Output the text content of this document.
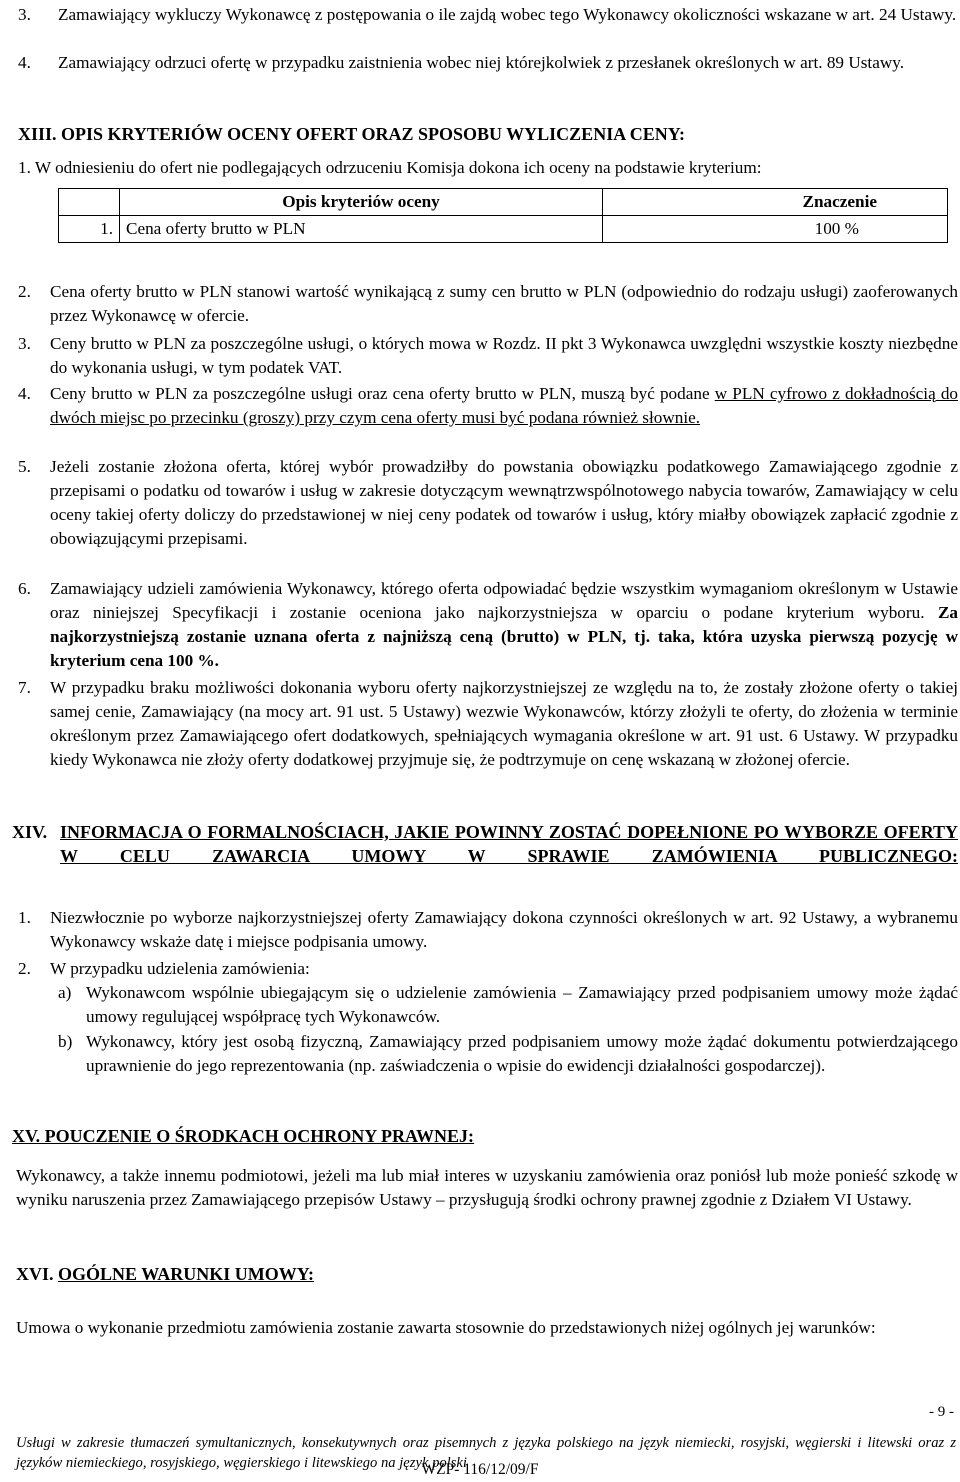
3. Zamawiający wykluczy Wykonawcę z postępowania o ile zajdą wobec tego Wykonawcy okoliczności wskazane w art. 24 Ustawy.

4. Zamawiający odrzuci ofertę w przypadku zaistnienia wobec niej którejkolwiek z przesłanek określonych w art. 89 Ustawy.

XIII. OPIS KRYTERIÓW OCENY OFERT ORAZ SPOSOBU WYLICZENIA CENY:

1. W odniesieniu do ofert nie podlegających odrzuceniu Komisja dokona ich oceny na podstawie kryterium:

	Opis kryteriów oceny	Znaczenie
1.	Cena oferty brutto w PLN	100 %
2. Cena oferty brutto w PLN stanowi wartość wynikającą z sumy cen brutto w PLN (odpowiednio do rodzaju usługi) zaoferowanych przez Wykonawcę w ofercie.

3. Ceny brutto w PLN za poszczególne usługi, o których mowa w Rozdz. II pkt 3 Wykonawca uwzględni wszystkie koszty niezbędne do wykonania usługi, w tym podatek VAT.

4. Ceny brutto w PLN za poszczególne usługi oraz cena oferty brutto w PLN, muszą być podane w PLN cyfrowo z dokładnością do dwóch miejsc po przecinku (groszy) przy czym cena oferty musi być podana również słownie.

5. Jeżeli zostanie złożona oferta, której wybór prowadziłby do powstania obowiązku podatkowego Zamawiającego zgodnie z przepisami o podatku od towarów i usług w zakresie dotyczącym wewnątrzwspólnotowego nabycia towarów, Zamawiający w celu oceny takiej oferty doliczy do przedstawionej w niej ceny podatek od towarów i usług, który miałby obowiązek zapłacić zgodnie z obowiązującymi przepisami.

6. Zamawiający udzieli zamówienia Wykonawcy, którego oferta odpowiadać będzie wszystkim wymaganiom określonym w Ustawie oraz niniejszej Specyfikacji i zostanie oceniona jako najkorzystniejsza w oparciu o podane kryterium wyboru. Za najkorzystniejszą zostanie uznana oferta z najniższą ceną (brutto) w PLN, tj. taka, która uzyska pierwszą pozycję w kryterium cena 100 %.

7. W przypadku braku możliwości dokonania wyboru oferty najkorzystniejszej ze względu na to, że zostały złożone oferty o takiej samej cenie, Zamawiający (na mocy art. 91 ust. 5 Ustawy) wezwie Wykonawców, którzy złożyli te oferty, do złożenia w terminie określonym przez Zamawiającego ofert dodatkowych, spełniających wymagania określone w art. 91 ust. 6 Ustawy. W przypadku kiedy Wykonawca nie złoży oferty dodatkowej przyjmuje się, że podtrzymuje on cenę wskazaną w złożonej ofercie.

XIV. INFORMACJA O FORMALNOŚCIACH, JAKIE POWINNY ZOSTAĆ DOPEŁNIONE PO WYBORZE OFERTY W CELU ZAWARCIA UMOWY W SPRAWIE ZAMÓWIENIA PUBLICZNEGO:

1. Niezwłocznie po wyborze najkorzystniejszej oferty Zamawiający dokona czynności określonych w art. 92 Ustawy, a wybranemu Wykonawcy wskaże datę i miejsce podpisania umowy.

2. W przypadku udzielenia zamówienia:

a) Wykonawcom wspólnie ubiegającym się o udzielenie zamówienia – Zamawiający przed podpisaniem umowy może żądać umowy regulującej współpracę tych Wykonawców.

b) Wykonawcy, który jest osobą fizyczną, Zamawiający przed podpisaniem umowy może żądać dokumentu potwierdzającego uprawnienie do jego reprezentowania (np. zaświadczenia o wpisie do ewidencji działalności gospodarczej).

XV. POUCZENIE O ŚRODKACH OCHRONY PRAWNEJ:

Wykonawcy, a także innemu podmiotowi, jeżeli ma lub miał interes w uzyskaniu zamówienia oraz poniósł lub może ponieść szkodę w wyniku naruszenia przez Zamawiającego przepisów Ustawy – przysługują środki ochrony prawnej zgodnie z Działem VI Ustawy.

XVI. OGÓLNE WARUNKI UMOWY:

Umowa o wykonanie przedmiotu zamówienia zostanie zawarta stosownie do przedstawionych niżej ogólnych jej warunków:

- 9 -

Usługi w zakresie tłumaczeń symultanicznych, konsekutywnych oraz pisemnych z języka polskiego na język niemiecki, rosyjski, węgierski i litewski oraz z języków niemieckiego, rosyjskiego, węgierskiego i litewskiego na język polski

WZP- 116/12/09/F
